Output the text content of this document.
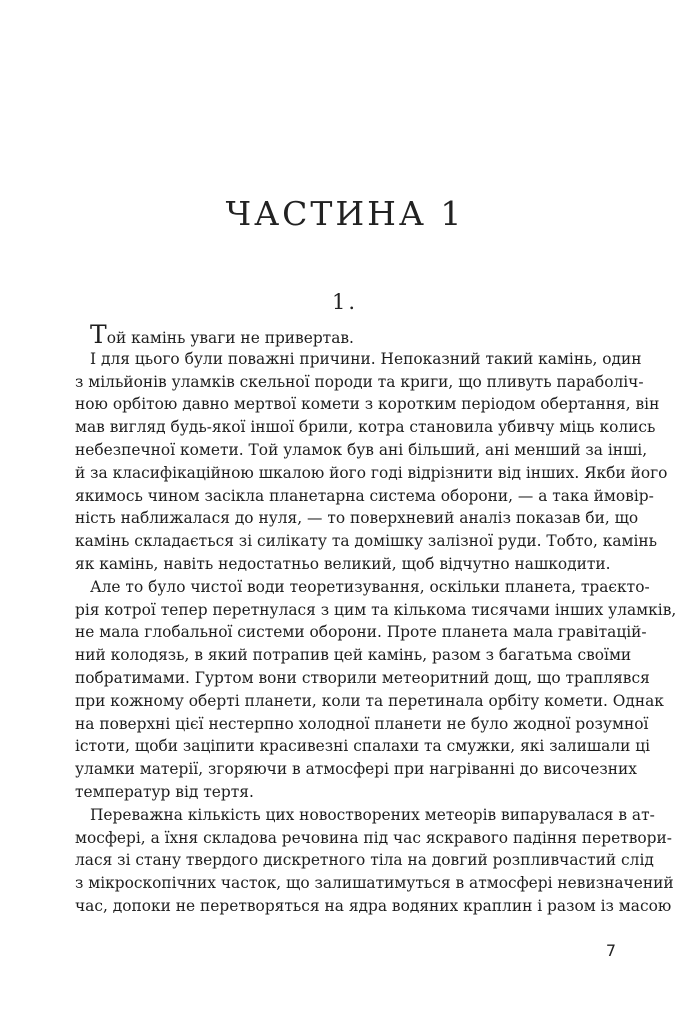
ЧАСТИНА 1
1.
Той камінь уваги не привертав.
І для цього були поважні причини. Непоказний такий камінь, один
з мільйонів уламків скельної породи та криги, що пливуть параболіч-
ною орбітою давно мертвої комети з коротким періодом обертання, він
мав вигляд будь-якої іншої брили, котра становила убивчу міць колись
небезпечної комети. Той уламок був ані більший, ані менший за інші,
й за класифікаційною шкалою його годі відрізнити від інших. Якби його
якимось чином засікла планетарна система оборони, — а така ймовір-
ність наближалася до нуля, — то поверхневий аналіз показав би, що
камінь складається зі силікату та домішку залізної руди. Тобто, камінь
як камінь, навіть недостатньо великий, щоб відчутно нашкодити.
Але то було чистої води теоретизування, оскільки планета, траєкто-
рія котрої тепер перетнулася з цим та кількома тисячами інших уламків,
не мала глобальної системи оборони. Проте планета мала гравітацій-
ний колодязь, в який потрапив цей камінь, разом з багатьма своїми
побратимами. Гуртом вони створили метеоритний дощ, що траплявся
при кожному оберті планети, коли та перетинала орбіту комети. Однак
на поверхні цієї нестерпно холодної планети не було жодної розумної
істоти, щоби заціпити красивезні спалахи та смужки, які залишали ці
уламки матерії, згоряючи в атмосфері при нагріванні до височезних
температур від тертя.
Переважна кількість цих новостворених метеорів випарувалася в ат-
мосфері, а їхня складова речовина під час яскравого падіння перетвори-
лася зі стану твердого дискретного тіла на довгий розпливчастий слід
з мікроскопічних часток, що залишатимуться в атмосфері невизначений
час, допоки не перетворяться на ядра водяних краплин і разом із масою
7
